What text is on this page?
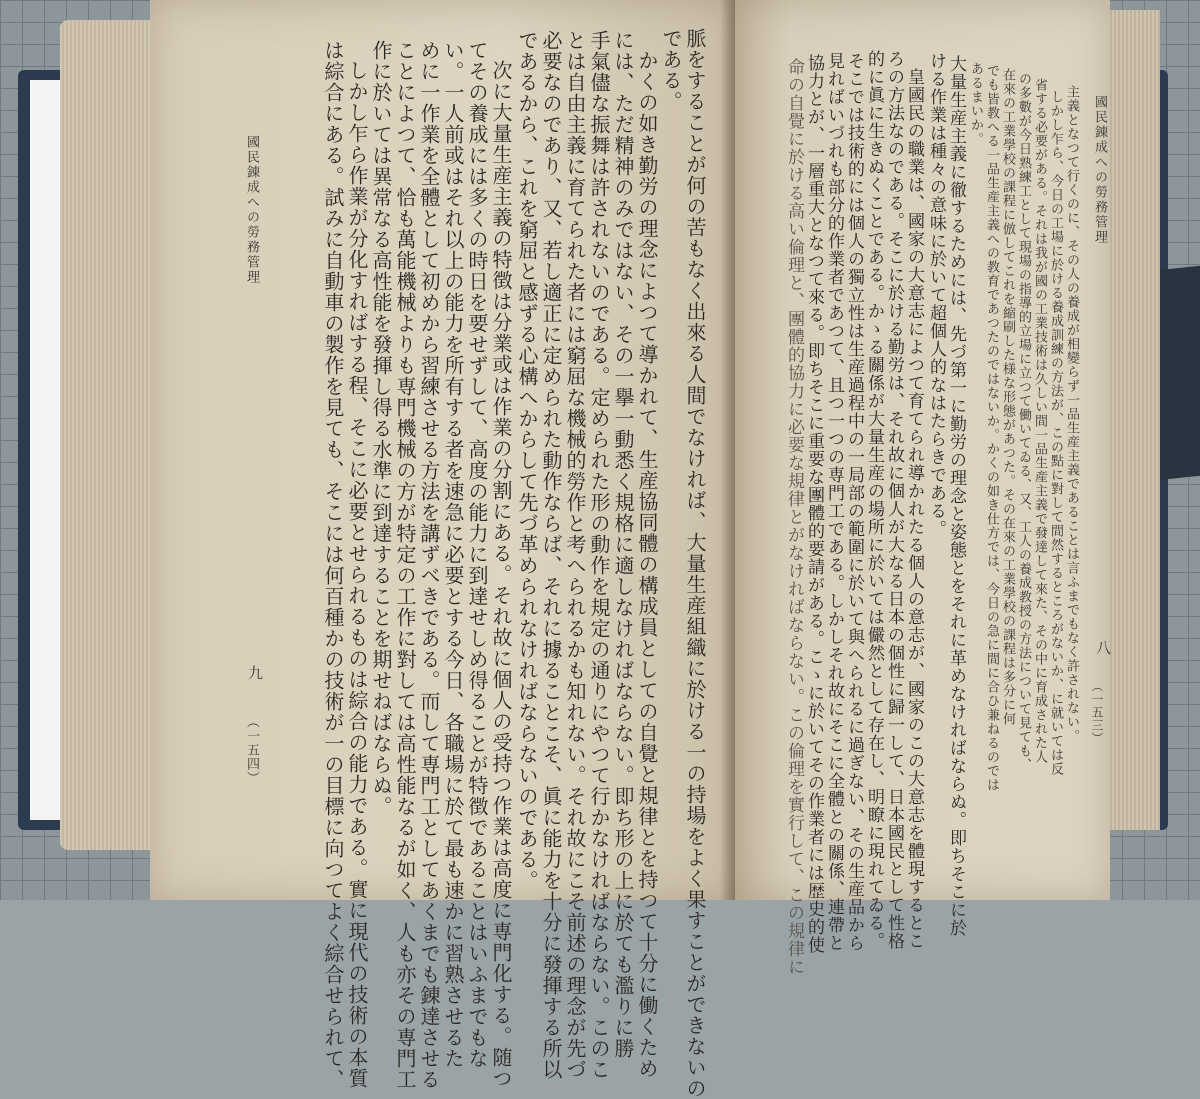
脈をすることが何の苦もなく出來る人間でなければ、大量生産組織に於ける一の持場をよく果すことができないの
である。
かくの如き勤労の理念によつて導かれて、生産協同體の構成員としての自覺と規律とを持つて十分に働くため
には、ただ精神のみではない、その一擧一動悉く規格に適しなければならない。即ち形の上に於ても濫りに勝
手氣儘な振舞は許されないのである。定められた形の動作を規定の通りにやつて行かなければならない。このこ
とは自由主義に育てられた者には窮屈な機械的勞作と考へられるかも知れない。それ故にこそ前述の理念が先づ
必要なのであり、又、若し適正に定められた動作ならば、それに據ることこそ、眞に能力を十分に發揮する所以
であるから、これを窮屈と感ずる心構へからして先づ革められなければならないのである。
次に大量生産主義の特徴は分業或は作業の分割にある。それ故に個人の受持つ作業は高度に専門化する。随つ
てその養成には多くの時日を要せずして、高度の能力に到達せしめ得ることが特徴であることはいふまでもな
い。一人前或はそれ以上の能力を所有する者を速急に必要とする今日、各職場に於て最も速かに習熟させるた
めに一作業を全體として初めから習練させる方法を講ずべきである。而して専門工としてあくまでも錬達させる
ことによつて、恰も萬能機械よりも専門機械の方が特定の工作に對しては高性能なるが如く、人も亦その専門工
作に於いては異常なる高性能を發揮し得る水準に到達することを期せねばならぬ。
しかし乍ら作業が分化すればする程、そこに必要とせられるものは綜合の能力である。實に現代の技術の本質
は綜合にある。試みに自動車の製作を見ても、そこには何百種かの技術が一の目標に向つてよく綜合せられて、
國民錬成への勞務管理
九
（一五四）
國民錬成への勞務管理
八
（一五三）
主義となつて行くのに、その人の養成が相變らず一品生産主義であることは言ふまでもなく許されない。
しかし乍ら、今日の工場に於ける養成訓練の方法が、この點に對して間然するところがないか、に就いては反
省する必要がある。それは我が國の工業技術は久しい間一品生産主義で發達して來た、その中に育成された人
の多數が今日熟練工として現場の指導的立場に立つて働いてゐる、又、工人の養成教授の方法について見ても、
在來の工業學校の課程に倣してこれを縮刷した様な形態があつた。その在來の工業學校の課程は多分に何
でも皆教へる一品生産主義への教育であつたのではないか。かくの如き仕方では、今日の急に間に合ひ兼ねるのでは
あるまいか。
大量生産主義に徹するためには、先づ第一に勤労の理念と姿態とをそれに革めなければならぬ。即ちそこに於
ける作業は種々の意味に於いて超個人的なはたらきである。
皇國民の職業は、國家の大意志によつて育てられ導かれたる個人の意志が、國家のこの大意志を體現するとこ
ろの方法なのである。そこに於ける勤労は、それ故に個人が大なる日本の個性に歸一して、日本國民として性格
的に眞に生きぬくことである。かゝる關係が大量生産の場所に於いては儼然として存在し、明瞭に現れてゐる。
そこでは技術的には個人の獨立性は生産過程中の一局部の範圍に於いて與へられるに過ぎない、その生産品から
見ればいづれも部分的作業者であつて、且つ一つの専門工である。しかしそれ故にそこに全體との關係、連帶と
協力とが、一層重大となつて來る。即ちそこに重要な團體的要請がある。こゝに於いてその作業者には歴史的使
命の自覺に於ける高い倫理と、團體的協力に必要な規律とがなければならない。この倫理を實行して、この規律に
